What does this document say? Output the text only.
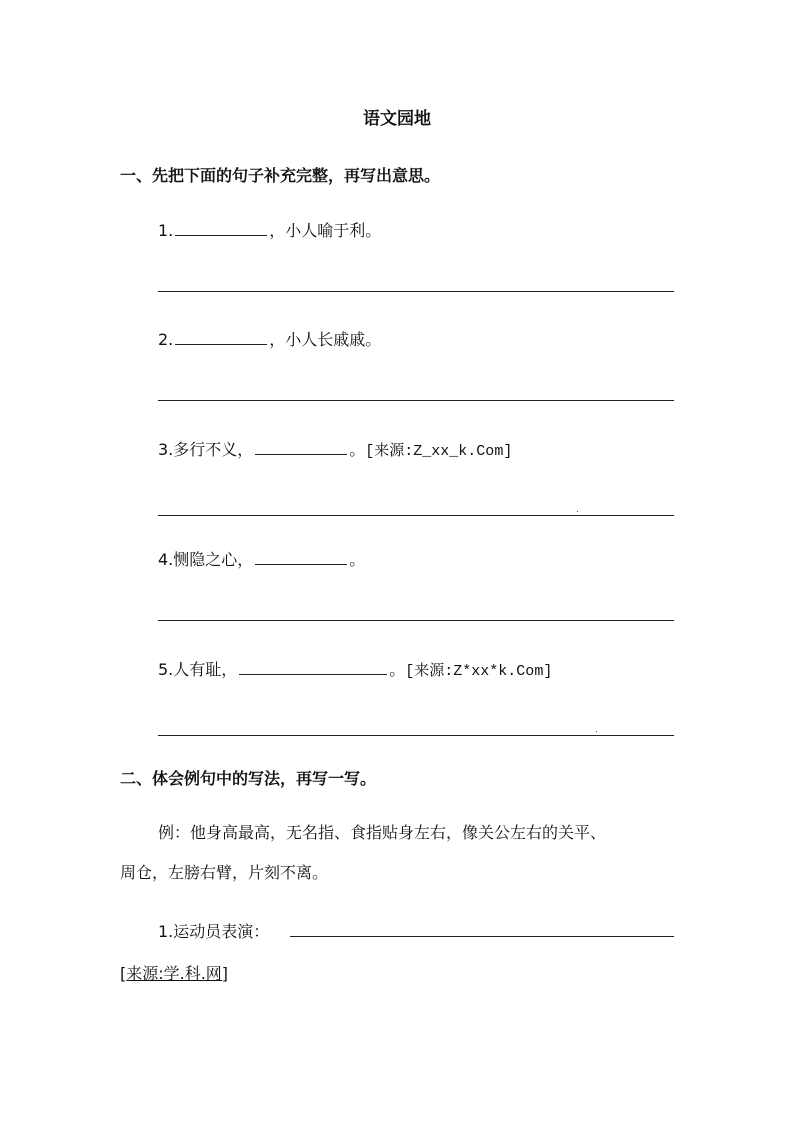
语文园地
一、先把下面的句子补充完整，再写出意思。
1.	，小人喻于利。
2.	，小人长戚戚。
3. 多行不义，	。 [来源:Z_xx_k.Com]
4. 恻隐之心，	。
5. 人有耻，	。 [来源:Z*xx*k.Com]
二、体会例句中的写法，再写一写。
例：他身高最高，无名指、食指贴身左右，像关公左右的关平、
周仓，左膀右臂，片刻不离。
1.运动员表演：
[来源:学.科.网]
